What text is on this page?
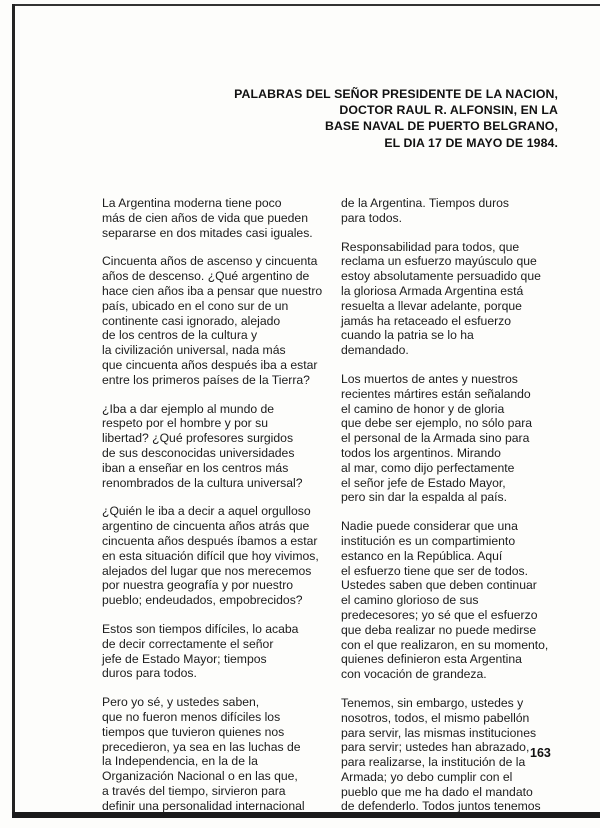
PALABRAS DEL SEÑOR PRESIDENTE DE LA NACION,
DOCTOR RAUL R. ALFONSIN, EN LA
BASE NAVAL DE PUERTO BELGRANO,
EL DIA 17 DE MAYO DE 1984.
La Argentina moderna tiene poco
más de cien años de vida que pueden
separarse en dos mitades casi iguales.
Cincuenta años de ascenso y cincuenta
años de descenso. ¿Qué argentino de
hace cien años iba a pensar que nuestro
país, ubicado en el cono sur de un
continente casi ignorado, alejado
de los centros de la cultura y
la civilización universal, nada más
que cincuenta años después iba a estar
entre los primeros países de la Tierra?
¿Iba a dar ejemplo al mundo de
respeto por el hombre y por su
libertad? ¿Qué profesores surgidos
de sus desconocidas universidades
iban a enseñar en los centros más
renombrados de la cultura universal?
¿Quién le iba a decir a aquel orgulloso
argentino de cincuenta años atrás que
cincuenta años después íbamos a estar
en esta situación difícil que hoy vivimos,
alejados del lugar que nos merecemos
por nuestra geografía y por nuestro
pueblo; endeudados, empobrecidos?
Estos son tiempos difíciles, lo acaba
de decir correctamente el señor
jefe de Estado Mayor; tiempos
duros para todos.
Pero yo sé, y ustedes saben,
que no fueron menos difíciles los
tiempos que tuvieron quienes nos
precedieron, ya sea en las luchas de
la Independencia, en la de la
Organización Nacional o en las que,
a través del tiempo, sirvieron para
definir una personalidad internacional
de la Argentina. Tiempos duros
para todos.
Responsabilidad para todos, que
reclama un esfuerzo mayúsculo que
estoy absolutamente persuadido que
la gloriosa Armada Argentina está
resuelta a llevar adelante, porque
jamás ha retaceado el esfuerzo
cuando la patria se lo ha
demandado.
Los muertos de antes y nuestros
recientes mártires están señalando
el camino de honor y de gloria
que debe ser ejemplo, no sólo para
el personal de la Armada sino para
todos los argentinos. Mirando
al mar, como dijo perfectamente
el señor jefe de Estado Mayor,
pero sin dar la espalda al país.
Nadie puede considerar que una
institución es un compartimiento
estanco en la República. Aquí
el esfuerzo tiene que ser de todos.
Ustedes saben que deben continuar
el camino glorioso de sus
predecesores; yo sé que el esfuerzo
que deba realizar no puede medirse
con el que realizaron, en su momento,
quienes definieron esta Argentina
con vocación de grandeza.
Tenemos, sin embargo, ustedes y
nosotros, todos, el mismo pabellón
para servir, las mismas instituciones
para servir; ustedes han abrazado,
para realizarse, la institución de la
Armada; yo debo cumplir con el
pueblo que me ha dado el mandato
de defenderlo. Todos juntos tenemos
163
